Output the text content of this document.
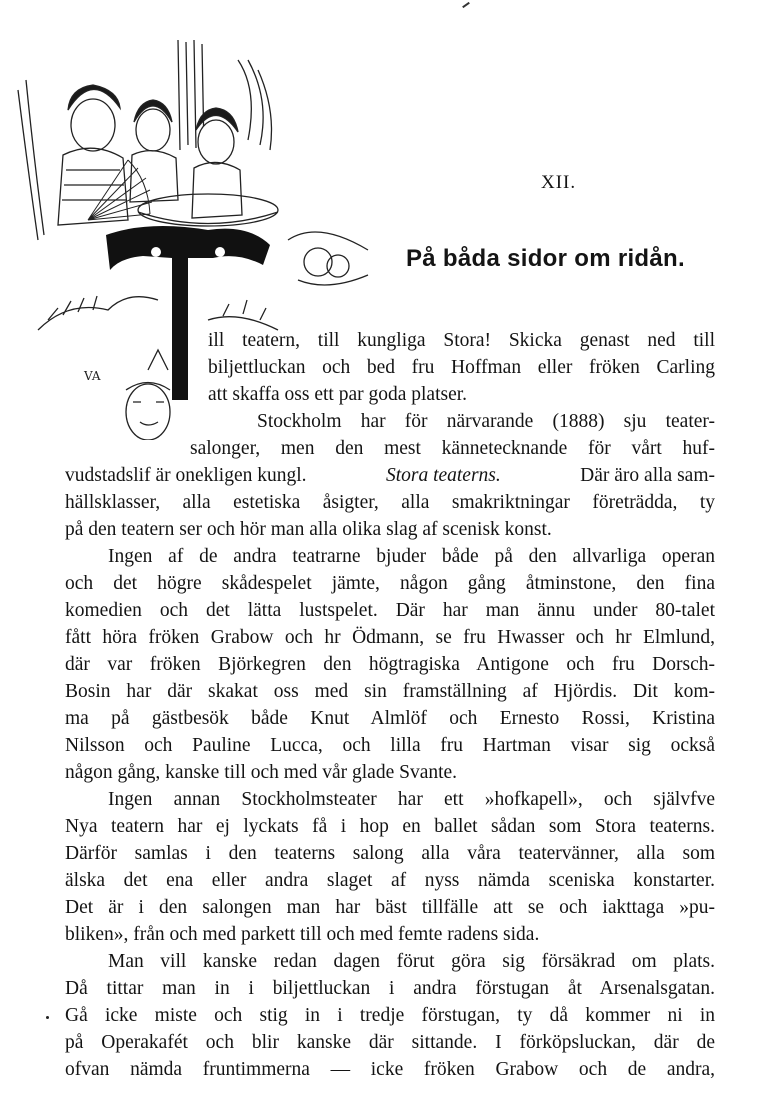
VA
XII.
På båda sidor om ridån.
ill teatern, till kungliga Stora! Skicka genast ned till
biljettluckan och bed fru Hoffman eller fröken Carling
att skaffa oss ett par goda platser.
Stockholm har för närvarande (1888) sju teater-
salonger, men den mest kännetecknande för vårt huf-
vudstadslif är onekligen kungl.	Stora teaterns.	Där äro alla sam-
hällsklasser, alla estetiska åsigter, alla smakriktningar företrädda, ty
på den teatern ser och hör man alla olika slag af scenisk konst.
Ingen af de andra teatrarne bjuder både på den allvarliga operan
och det högre skådespelet jämte, någon gång åtminstone, den fina
komedien och det lätta lustspelet. Där har man ännu under 80-talet
fått höra fröken Grabow och hr Ödmann, se fru Hwasser och hr Elmlund,
där var fröken Björkegren den högtragiska Antigone och fru Dorsch-
Bosin har där skakat oss med sin framställning af Hjördis. Dit kom-
ma på gästbesök både Knut Almlöf och Ernesto Rossi, Kristina
Nilsson och Pauline Lucca, och lilla fru Hartman visar sig också
någon gång, kanske till och med vår glade Svante.
Ingen annan Stockholmsteater har ett »hofkapell», och självfve
Nya teatern har ej lyckats få i hop en ballet sådan som Stora teaterns.
Därför samlas i den teaterns salong alla våra teatervänner, alla som
älska det ena eller andra slaget af nyss nämda sceniska konstarter.
Det är i den salongen man har bäst tillfälle att se och iakttaga »pu-
bliken», från och med parkett till och med femte radens sida.
Man vill kanske redan dagen förut göra sig försäkrad om plats.
Då tittar man in i biljettluckan i andra förstugan åt Arsenalsgatan.
Gå icke miste och stig in i tredje förstugan, ty då kommer ni in
på Operakafét och blir kanske där sittande. I förköpsluckan, där de
ofvan nämda fruntimmerna — icke fröken Grabow och de andra,
